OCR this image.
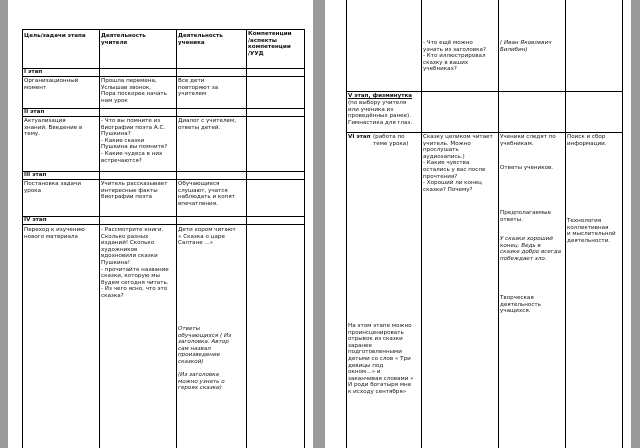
Цель/задачи этапа	Деятельность
учителя
Деятельность
ученика
Компетенции
/аспекты
компетенции
/УУД
I этап
Организационный
момент
Прошла перемена,
Услышав звонок,
Пора поскорее начать
нам урок
Все дети
повторяют за
учителем
II этап
Актуализация
знаний. Введение в
тему.
- Что вы помните из
биографии поэта А.С.
Пушкина?
- Какие сказки
Пушкина вы помните?
- Какие чудеса в них
встречаются?
Диалог с учителем,
ответы детей.
III этап
Постановка задачи
урока
Учитель рассказывает
интересные факты
биографии поэта
Обучающиеся
слушают, учатся
наблюдать и копят
впечатления.
IV этап
Переход к изучению
нового материала
- Рассмотрите книги.
Сколько разных
изданий! Сколько
художников
вдохновили сказки
Пушкина!
- прочитайте название
сказки, которую мы
будем сегодня читать.
- Из чего ясно, что это
сказка?
Дети хором читают
« Сказка о царе
Салтане ...»
Ответы
обучающихся ( Из
заголовка. Автор
сам назвал
произведение
сказкой)

(Из заголовка
можно узнать о
героях сказки)
- Что ещё можно
узнать из заголовка?
- Кто иллюстрировал
сказку в ваших
учебниках?
( Иван Яковлевич
Билибин)
V этап, физминутка
(по выбору учителя
или ученика из
проведённых ранее).
Гимнастика для глаз.
VI этап (работа по
теме урока)
Сказку целиком читает
учитель. Можно
прослушать
аудиозапись.)
- Какие чувства
остались у вас после
прочтения?
- Хороший ли конец
сказки? Почему?
Ученики следят по
учебникам.
Ответы учеников.
Предполагаемые
ответы.
У сказки хороший
конец. Ведь в
сказке добро всегда
побеждает зло.
Творческая
деятельность
учащихся.
Поиск и сбор
информации.
Технология
коллективная
и мыслительной
деятельности.
На этом этапе можно
проинсценировать
отрывок из сказки
заранее
подготовленными
детьми со слов « Три
девицы под
окном…» и
заканчивая словами «
И роди богатыря мне
к исходу сентября»
